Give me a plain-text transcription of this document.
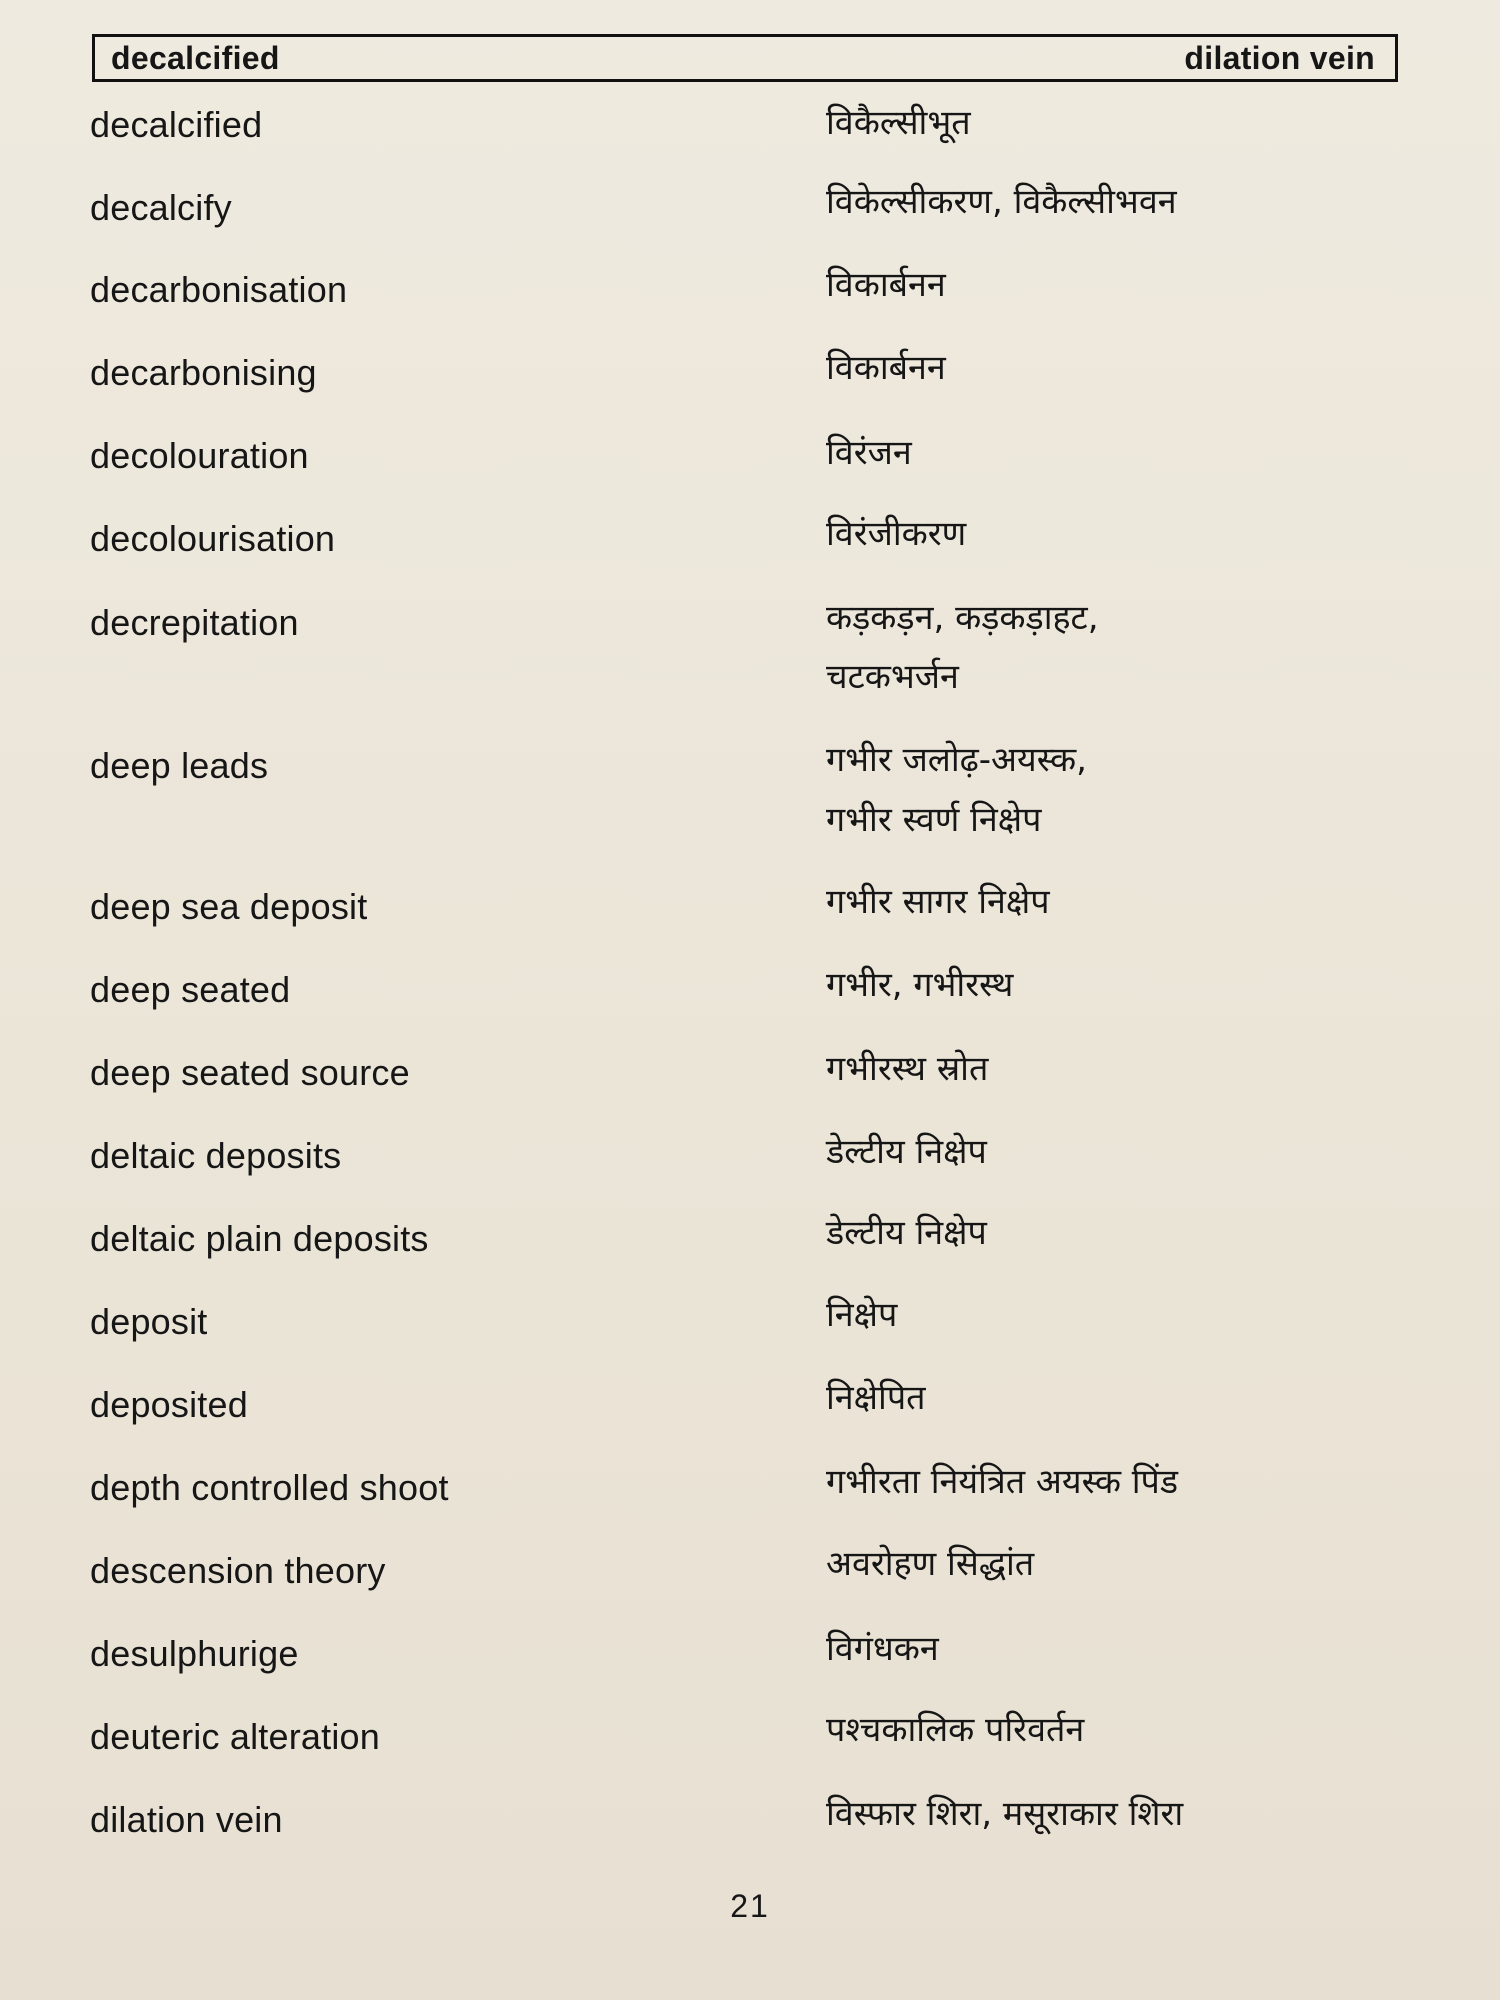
decalcified	dilation vein
decalcified	विकैल्सीभूत
decalcify	विकेल्सीकरण, विकैल्सीभवन
decarbonisation	विकार्बनन
decarbonising	विकार्बनन
decolouration	विरंजन
decolourisation	विरंजीकरण
decrepitation	कड़कड़न, कड़कड़ाहट,
चटकभर्जन
deep leads	गभीर जलोढ़-अयस्क,
गभीर स्वर्ण निक्षेप
deep sea deposit	गभीर सागर निक्षेप
deep seated	गभीर, गभीरस्थ
deep seated source	गभीरस्थ स्रोत
deltaic deposits	डेल्टीय निक्षेप
deltaic plain deposits	डेल्टीय निक्षेप
deposit	निक्षेप
deposited	निक्षेपित
depth controlled shoot	गभीरता नियंत्रित अयस्क पिंड
descension theory	अवरोहण सिद्धांत
desulphurige	विगंधकन
deuteric alteration	पश्चकालिक परिवर्तन
dilation vein	विस्फार शिरा, मसूराकार शिरा
21
